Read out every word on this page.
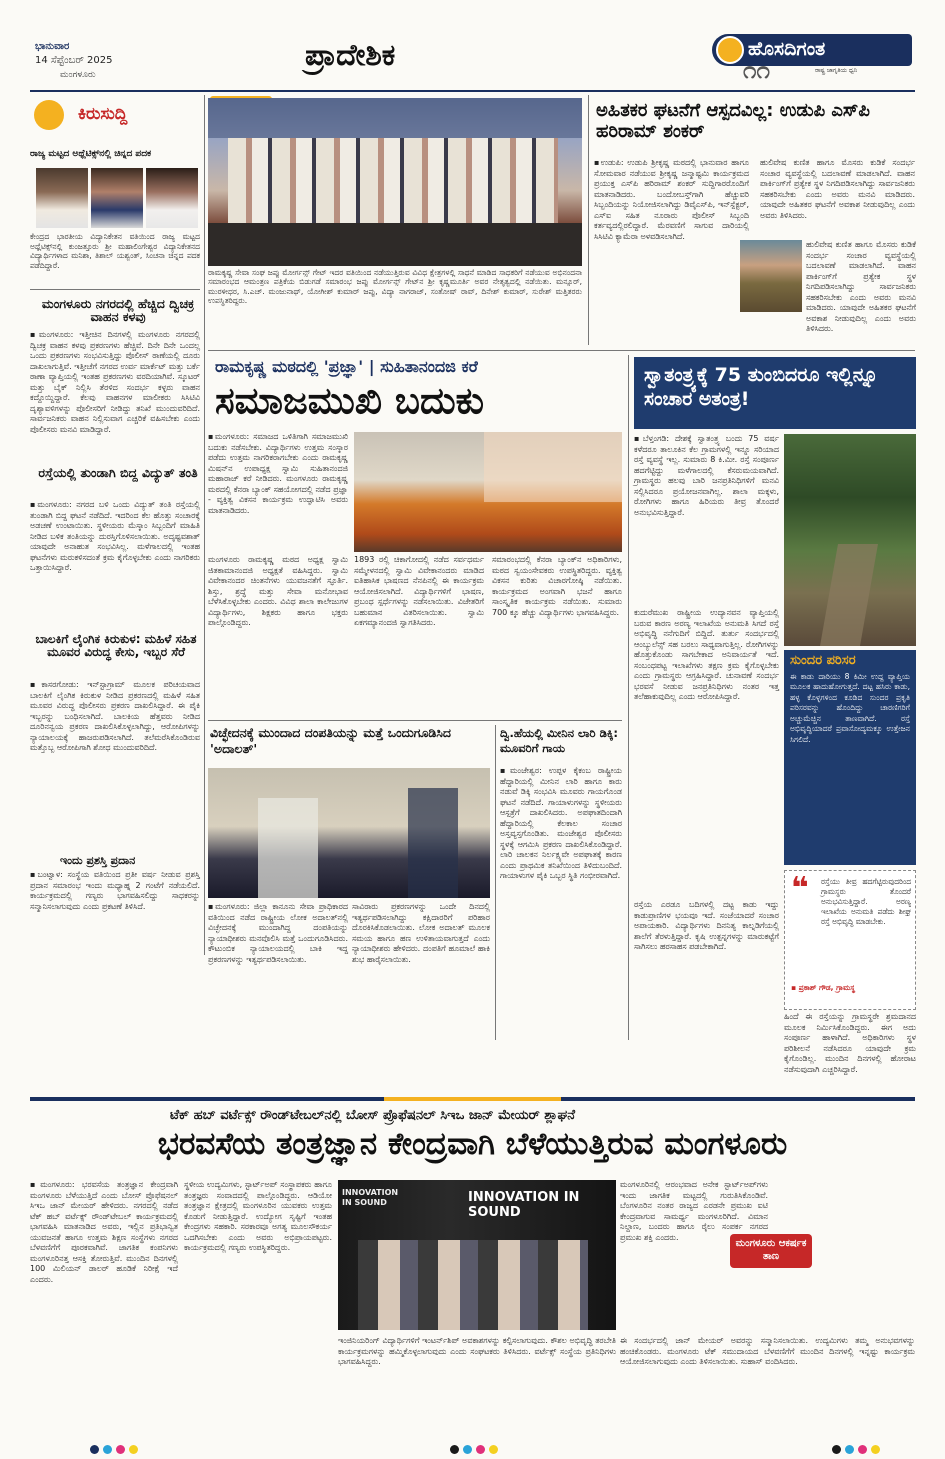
ಭಾನುವಾರ
14 ಸೆಪ್ಟೆಂಬರ್ 2025
ಮಂಗಳೂರು
ಪ್ರಾದೇಶಿಕ	ಹೊಸದಿಗಂತ
ರಾಷ್ಟ್ರ ಜಾಗೃತಿಯ ಧ್ವನಿ
೧೧
ಕಿರುಸುದ್ದಿ
ರಾಜ್ಯ ಮಟ್ಟದ ಅಥ್ಲೆಟಿಕ್ಸ್‌ನಲ್ಲಿ ಚಿನ್ನದ ಪದಕ
ಕೇಂದ್ರದ ಭಾರತೀಯ ವಿದ್ಯಾನಿಕೇತನ ವತಿಯಿಂದ ರಾಜ್ಯ ಮಟ್ಟದ ಅಥ್ಲೆಟಿಕ್ಸ್‌ನಲ್ಲಿ ಕುಂಜತ್ತೂರು ಶ್ರೀ ಮಹಾಲಿಂಗೇಶ್ವರ ವಿದ್ಯಾನಿಕೇತನದ ವಿದ್ಯಾರ್ಥಿಗಳಾದ ಮನಿಶಾ, ತಿಶಾಲ್ ಯಶ್ವಂತ್, ಸಿಂಚನಾ ಚಿನ್ನದ ಪದಕ ಪಡೆದಿದ್ದಾರೆ.
ಮಂಗಳೂರು ನಗರದಲ್ಲಿ ಹೆಚ್ಚಿದ ದ್ವಿಚಕ್ರ ವಾಹನ ಕಳವು
▪ಮಂಗಳೂರು: ಇತ್ತೀಚಿನ ದಿನಗಳಲ್ಲಿ ಮಂಗಳೂರು ನಗರದಲ್ಲಿ ದ್ವಿಚಕ್ರ ವಾಹನ ಕಳವು ಪ್ರಕರಣಗಳು ಹೆಚ್ಚಿವೆ. ದಿನೇ ದಿನೇ ಒಂದಲ್ಲ ಒಂದು ಪ್ರಕರಣಗಳು ಸಂಭವಿಸುತ್ತಿದ್ದು ಪೊಲೀಸ್ ಠಾಣೆಯಲ್ಲಿ ದೂರು ದಾಖಲಾಗುತ್ತಿವೆ. ಇತ್ತೀಚೆಗೆ ನಗರದ ಉರ್ವ ಮಾರ್ಕೆಟ್ ಮತ್ತು ಬರ್ಕೆ ಠಾಣಾ ವ್ಯಾಪ್ತಿಯಲ್ಲಿ ಇಂತಹ ಪ್ರಕರಣಗಳು ವರದಿಯಾಗಿವೆ. ಸ್ಕೂಟರ್ ಮತ್ತು ಬೈಕ್ ನಿಲ್ಲಿಸಿ ತೆರಳಿದ ಸಂದರ್ಭ ಕಳ್ಳರು ವಾಹನ ಕದ್ದೊಯ್ದಿದ್ದಾರೆ. ಕೆಲವು ವಾಹನಗಳ ಮಾಲೀಕರು ಸಿಸಿಟಿವಿ ದೃಶ್ಯಾವಳಿಗಳನ್ನು ಪೊಲೀಸರಿಗೆ ನೀಡಿದ್ದು ತನಿಖೆ ಮುಂದುವರಿದಿದೆ. ಸಾರ್ವಜನಿಕರು ವಾಹನ ನಿಲ್ಲಿಸುವಾಗ ಎಚ್ಚರಿಕೆ ವಹಿಸಬೇಕು ಎಂದು ಪೊಲೀಸರು ಮನವಿ ಮಾಡಿದ್ದಾರೆ.
ರಸ್ತೆಯಲ್ಲಿ ತುಂಡಾಗಿ ಬಿದ್ದ ವಿದ್ಯುತ್ ತಂತಿ
▪ಮಂಗಳೂರು: ನಗರದ ಬಳಿ ಒಂದು ವಿದ್ಯುತ್ ತಂತಿ ರಸ್ತೆಯಲ್ಲಿ ತುಂಡಾಗಿ ಬಿದ್ದ ಘಟನೆ ನಡೆದಿದೆ. ಇದರಿಂದ ಕೆಲ ಹೊತ್ತು ಸಂಚಾರಕ್ಕೆ ಅಡಚಣೆ ಉಂಟಾಯಿತು. ಸ್ಥಳೀಯರು ಮೆಸ್ಕಾಂ ಸಿಬ್ಬಂದಿಗೆ ಮಾಹಿತಿ ನೀಡಿದ ಬಳಿಕ ತಂತಿಯನ್ನು ದುರಸ್ತಿಗೊಳಿಸಲಾಯಿತು. ಅದೃಷ್ಟವಶಾತ್ ಯಾವುದೇ ಅನಾಹುತ ಸಂಭವಿಸಿಲ್ಲ. ಮಳೆಗಾಲದಲ್ಲಿ ಇಂತಹ ಘಟನೆಗಳು ಮರುಕಳಿಸದಂತೆ ಕ್ರಮ ಕೈಗೊಳ್ಳಬೇಕು ಎಂದು ನಾಗರಿಕರು ಒತ್ತಾಯಿಸಿದ್ದಾರೆ.
ಬಾಲಕಿಗೆ ಲೈಂಗಿಕ ಕಿರುಕುಳ: ಮಹಿಳೆ ಸಹಿತ ಮೂವರ ವಿರುದ್ಧ ಕೇಸು, ಇಬ್ಬರ ಸೆರೆ
▪ಕಾಸರಗೋಡು: ಇನ್‌ಸ್ಟಾಗ್ರಾಮ್ ಮೂಲಕ ಪರಿಚಯವಾದ ಬಾಲಕಿಗೆ ಲೈಂಗಿಕ ಕಿರುಕುಳ ನೀಡಿದ ಪ್ರಕರಣದಲ್ಲಿ ಮಹಿಳೆ ಸಹಿತ ಮೂವರ ವಿರುದ್ಧ ಪೊಲೀಸರು ಪ್ರಕರಣ ದಾಖಲಿಸಿದ್ದಾರೆ. ಈ ಪೈಕಿ ಇಬ್ಬರನ್ನು ಬಂಧಿಸಲಾಗಿದೆ. ಬಾಲಕಿಯ ಹೆತ್ತವರು ನೀಡಿದ ದೂರಿನನ್ವಯ ಪ್ರಕರಣ ದಾಖಲಿಸಿಕೊಳ್ಳಲಾಗಿದ್ದು, ಆರೋಪಿಗಳನ್ನು ನ್ಯಾಯಾಲಯಕ್ಕೆ ಹಾಜರುಪಡಿಸಲಾಗಿದೆ. ತಲೆಮರೆಸಿಕೊಂಡಿರುವ ಮತ್ತೊಬ್ಬ ಆರೋಪಿಗಾಗಿ ಶೋಧ ಮುಂದುವರಿದಿದೆ.
ಇಂದು ಪ್ರಶಸ್ತಿ ಪ್ರದಾನ
▪ಬಂಟ್ವಾಳ: ಸಂಸ್ಥೆಯ ವತಿಯಿಂದ ಪ್ರತೀ ವರ್ಷ ನೀಡುವ ಪ್ರಶಸ್ತಿ ಪ್ರದಾನ ಸಮಾರಂಭ ಇಂದು ಮಧ್ಯಾಹ್ನ 2 ಗಂಟೆಗೆ ನಡೆಯಲಿದೆ. ಕಾರ್ಯಕ್ರಮದಲ್ಲಿ ಗಣ್ಯರು ಭಾಗವಹಿಸಲಿದ್ದು ಸಾಧಕರನ್ನು ಸನ್ಮಾನಿಸಲಾಗುವುದು ಎಂದು ಪ್ರಕಟಣೆ ತಿಳಿಸಿದೆ.
ರಾಮಕೃಷ್ಣ ಸೇವಾ ಸಂಘ ಜಪ್ಪು ಮೋರ್ಗನ್ಸ್ ಗೇಟ್ ಇದರ ವತಿಯಿಂದ ನಡೆಯುತ್ತಿರುವ ವಿವಿಧ ಕ್ಷೇತ್ರಗಳಲ್ಲಿ ಸಾಧನೆ ಮಾಡಿದ ಸಾಧಕರಿಗೆ ನಡೆಯುವ ಅಭಿನಂದನಾ ಸಮಾರಂಭದ ಆಮಂತ್ರಣ ಪತ್ರಿಕೆಯ ಬಿಡುಗಡೆ ಸಮಾರಂಭ ಜಪ್ಪು ಮೋರ್ಗನ್ಸ್ ಗೇಟ್‌ನ ಶ್ರೀ ಕೃಷ್ಣಮೂರ್ತಿ ಅವರ ನೇತೃತ್ವದಲ್ಲಿ ನಡೆಯಿತು. ಮನ್ಸೂರ್, ಮುರಳೀಧರ, ಸಿ.ಎಚ್. ಮಂಜುನಾಥ್, ಯೋಗೀಶ್ ಕುಮಾರ್ ಜಪ್ಪು, ವಿದ್ಯಾ ನಾಗರಾಜ್, ಸಂತೋಷ್ ರಾವ್, ದಿನೇಶ್ ಕುಮಾರ್, ಸುರೇಶ್ ಮತ್ತಿತರರು ಉಪಸ್ಥಿತರಿದ್ದರು.
ಅಹಿತಕರ ಘಟನೆಗೆ ಆಸ್ಪದವಿಲ್ಲ: ಉಡುಪಿ ಎಸ್‌ಪಿ ಹರಿರಾಮ್ ಶಂಕರ್
▪ಉಡುಪಿ: ಉಡುಪಿ ಶ್ರೀಕೃಷ್ಣ ಮಠದಲ್ಲಿ ಭಾನುವಾರ ಹಾಗೂ ಸೋಮವಾರ ನಡೆಯುವ ಶ್ರೀಕೃಷ್ಣ ಜನ್ಮಾಷ್ಟಮಿ ಕಾರ್ಯಕ್ರಮದ ಪ್ರಯುಕ್ತ ಎಸ್‌ಪಿ ಹರಿರಾಮ್ ಶಂಕರ್ ಸುದ್ದಿಗಾರರೊಂದಿಗೆ ಮಾತನಾಡಿದರು. ಬಂದೋಬಸ್ತ್‌ಗಾಗಿ ಹೆಚ್ಚುವರಿ ಸಿಬ್ಬಂದಿಯನ್ನು ನಿಯೋಜಿಸಲಾಗಿದ್ದು ಡಿವೈಎಸ್‌ಪಿ, ಇನ್‌ಸ್ಪೆಕ್ಟರ್, ಎಸ್‌ಐ ಸಹಿತ ನೂರಾರು ಪೊಲೀಸ್ ಸಿಬ್ಬಂದಿ ಕರ್ತವ್ಯದಲ್ಲಿರಲಿದ್ದಾರೆ. ಮೆರವಣಿಗೆ ಸಾಗುವ ದಾರಿಯಲ್ಲಿ ಸಿಸಿಟಿವಿ ಕ್ಯಾಮೆರಾ ಅಳವಡಿಸಲಾಗಿದೆ.
ಹುಲಿವೇಷ ಕುಣಿತ ಹಾಗೂ ಮೊಸರು ಕುಡಿಕೆ ಸಂದರ್ಭ ಸಂಚಾರ ವ್ಯವಸ್ಥೆಯಲ್ಲಿ ಬದಲಾವಣೆ ಮಾಡಲಾಗಿದೆ. ವಾಹನ ಪಾರ್ಕಿಂಗ್‌ಗೆ ಪ್ರತ್ಯೇಕ ಸ್ಥಳ ನಿಗದಿಪಡಿಸಲಾಗಿದ್ದು ಸಾರ್ವಜನಿಕರು ಸಹಕರಿಸಬೇಕು ಎಂದು ಅವರು ಮನವಿ ಮಾಡಿದರು. ಯಾವುದೇ ಅಹಿತಕರ ಘಟನೆಗೆ ಅವಕಾಶ ನೀಡುವುದಿಲ್ಲ ಎಂದು ಅವರು ತಿಳಿಸಿದರು.
ಹುಲಿವೇಷ ಕುಣಿತ ಹಾಗೂ ಮೊಸರು ಕುಡಿಕೆ ಸಂದರ್ಭ ಸಂಚಾರ ವ್ಯವಸ್ಥೆಯಲ್ಲಿ ಬದಲಾವಣೆ ಮಾಡಲಾಗಿದೆ. ವಾಹನ ಪಾರ್ಕಿಂಗ್‌ಗೆ ಪ್ರತ್ಯೇಕ ಸ್ಥಳ ನಿಗದಿಪಡಿಸಲಾಗಿದ್ದು ಸಾರ್ವಜನಿಕರು ಸಹಕರಿಸಬೇಕು ಎಂದು ಅವರು ಮನವಿ ಮಾಡಿದರು. ಯಾವುದೇ ಅಹಿತಕರ ಘಟನೆಗೆ ಅವಕಾಶ ನೀಡುವುದಿಲ್ಲ ಎಂದು ಅವರು ತಿಳಿಸಿದರು.
ರಾಮಕೃಷ್ಣ ಮಠದಲ್ಲಿ 'ಪ್ರಜ್ಞಾ' | ಸುಹಿತಾನಂದಜಿ ಕರೆ
ಸಮಾಜಮುಖಿ ಬದುಕು
▪ಮಂಗಳೂರು: ಸಮಾಜದ ಒಳಿತಿಗಾಗಿ ಸಮಾಜಮುಖಿ ಬದುಕು ನಡೆಸಬೇಕು. ವಿದ್ಯಾರ್ಥಿಗಳು ಉತ್ತಮ ಸಂಸ್ಕಾರ ಪಡೆದು ಉತ್ತಮ ನಾಗರಿಕರಾಗಬೇಕು ಎಂದು ರಾಮಕೃಷ್ಣ ಮಿಷನ್‌ನ ಉಪಾಧ್ಯಕ್ಷ ಸ್ವಾಮಿ ಸುಹಿತಾನಂದಜಿ ಮಹಾರಾಜ್ ಕರೆ ನೀಡಿದರು. ಮಂಗಳೂರು ರಾಮಕೃಷ್ಣ ಮಠದಲ್ಲಿ ಕೆನರಾ ಬ್ಯಾಂಕ್ ಸಹಯೋಗದಲ್ಲಿ ನಡೆದ ಪ್ರಜ್ಞಾ - ವ್ಯಕ್ತಿತ್ವ ವಿಕಸನ ಕಾರ್ಯಕ್ರಮ ಉದ್ಘಾಟಿಸಿ ಅವರು ಮಾತನಾಡಿದರು.
ಮಂಗಳೂರು ರಾಮಕೃಷ್ಣ ಮಠದ ಅಧ್ಯಕ್ಷ ಸ್ವಾಮಿ ಜಿತಕಾಮಾನಂದಜಿ ಅಧ್ಯಕ್ಷತೆ ವಹಿಸಿದ್ದರು. ಸ್ವಾಮಿ ವಿವೇಕಾನಂದರ ಚಿಂತನೆಗಳು ಯುವಜನತೆಗೆ ಸ್ಫೂರ್ತಿ. ಶಿಸ್ತು, ಶ್ರದ್ಧೆ ಮತ್ತು ಸೇವಾ ಮನೋಭಾವ ಬೆಳೆಸಿಕೊಳ್ಳಬೇಕು ಎಂದರು. ವಿವಿಧ ಶಾಲಾ ಕಾಲೇಜುಗಳ ವಿದ್ಯಾರ್ಥಿಗಳು, ಶಿಕ್ಷಕರು ಹಾಗೂ ಭಕ್ತರು ಪಾಲ್ಗೊಂಡಿದ್ದರು.
1893 ರಲ್ಲಿ ಚಿಕಾಗೋದಲ್ಲಿ ನಡೆದ ಸರ್ವಧರ್ಮ ಸಮ್ಮೇಳನದಲ್ಲಿ ಸ್ವಾಮಿ ವಿವೇಕಾನಂದರು ಮಾಡಿದ ಐತಿಹಾಸಿಕ ಭಾಷಣದ ನೆನಪಿನಲ್ಲಿ ಈ ಕಾರ್ಯಕ್ರಮ ಆಯೋಜಿಸಲಾಗಿದೆ. ವಿದ್ಯಾರ್ಥಿಗಳಿಗೆ ಭಾಷಣ, ಪ್ರಬಂಧ ಸ್ಪರ್ಧೆಗಳನ್ನು ನಡೆಸಲಾಯಿತು. ವಿಜೇತರಿಗೆ ಬಹುಮಾನ ವಿತರಿಸಲಾಯಿತು. ಸ್ವಾಮಿ ಏಕಗಮ್ಯಾನಂದಜಿ ಸ್ವಾಗತಿಸಿದರು.
ಸಮಾರಂಭದಲ್ಲಿ ಕೆನರಾ ಬ್ಯಾಂಕ್‌ನ ಅಧಿಕಾರಿಗಳು, ಮಠದ ಸ್ವಯಂಸೇವಕರು ಉಪಸ್ಥಿತರಿದ್ದರು. ವ್ಯಕ್ತಿತ್ವ ವಿಕಸನ ಕುರಿತು ವಿಚಾರಗೋಷ್ಠಿ ನಡೆಯಿತು. ಕಾರ್ಯಕ್ರಮದ ಅಂಗವಾಗಿ ಭಜನೆ ಹಾಗೂ ಸಾಂಸ್ಕೃತಿಕ ಕಾರ್ಯಕ್ರಮ ನಡೆಯಿತು. ಸುಮಾರು 700 ಕ್ಕೂ ಹೆಚ್ಚು ವಿದ್ಯಾರ್ಥಿಗಳು ಭಾಗವಹಿಸಿದ್ದರು.
ವಿಚ್ಛೇದನಕ್ಕೆ ಮುಂದಾದ ದಂಪತಿಯನ್ನು ಮತ್ತೆ ಒಂದುಗೂಡಿಸಿದ 'ಅದಾಲತ್'
▪ಮಂಗಳೂರು: ಜಿಲ್ಲಾ ಕಾನೂನು ಸೇವಾ ಪ್ರಾಧಿಕಾರದ ವತಿಯಿಂದ ನಡೆದ ರಾಷ್ಟ್ರೀಯ ಲೋಕ ಅದಾಲತ್‌ನಲ್ಲಿ ವಿಚ್ಛೇದನಕ್ಕೆ ಮುಂದಾಗಿದ್ದ ದಂಪತಿಯನ್ನು ನ್ಯಾಯಾಧೀಶರು ಮನವೊಲಿಸಿ ಮತ್ತೆ ಒಂದುಗೂಡಿಸಿದರು. ಕೌಟುಂಬಿಕ ನ್ಯಾಯಾಲಯದಲ್ಲಿ ಬಾಕಿ ಇದ್ದ ಪ್ರಕರಣಗಳನ್ನು ಇತ್ಯರ್ಥಪಡಿಸಲಾಯಿತು.
ಸಾವಿರಾರು ಪ್ರಕರಣಗಳನ್ನು ಒಂದೇ ದಿನದಲ್ಲಿ ಇತ್ಯರ್ಥಪಡಿಸಲಾಗಿದ್ದು ಕಕ್ಷಿದಾರರಿಗೆ ಪರಿಹಾರ ದೊರಕಿಸಿಕೊಡಲಾಯಿತು. ಲೋಕ ಅದಾಲತ್ ಮೂಲಕ ಸಮಯ ಹಾಗೂ ಹಣ ಉಳಿತಾಯವಾಗುತ್ತದೆ ಎಂದು ನ್ಯಾಯಾಧೀಶರು ಹೇಳಿದರು. ದಂಪತಿಗೆ ಹೂಮಾಲೆ ಹಾಕಿ ಶುಭ ಹಾರೈಸಲಾಯಿತು.
ದ್ವಿ.ಹೆಯಲ್ಲಿ ಮೀನಿನ ಲಾರಿ ಡಿಕ್ಕಿ: ಮೂವರಿಗೆ ಗಾಯ
▪ಮಂಜೇಶ್ವರ: ಉಪ್ಪಳ ಕೈಕಂಬ ರಾಷ್ಟ್ರೀಯ ಹೆದ್ದಾರಿಯಲ್ಲಿ ಮೀನಿನ ಲಾರಿ ಹಾಗೂ ಕಾರು ನಡುವೆ ಡಿಕ್ಕಿ ಸಂಭವಿಸಿ ಮೂವರು ಗಾಯಗೊಂಡ ಘಟನೆ ನಡೆದಿದೆ. ಗಾಯಾಳುಗಳನ್ನು ಸ್ಥಳೀಯರು ಆಸ್ಪತ್ರೆಗೆ ದಾಖಲಿಸಿದರು. ಅಪಘಾತದಿಂದಾಗಿ ಹೆದ್ದಾರಿಯಲ್ಲಿ ಕೆಲಕಾಲ ಸಂಚಾರ ಅಸ್ತವ್ಯಸ್ತಗೊಂಡಿತು. ಮಂಜೇಶ್ವರ ಪೊಲೀಸರು ಸ್ಥಳಕ್ಕೆ ಆಗಮಿಸಿ ಪ್ರಕರಣ ದಾಖಲಿಸಿಕೊಂಡಿದ್ದಾರೆ. ಲಾರಿ ಚಾಲಕನ ನಿರ್ಲಕ್ಷ್ಯವೇ ಅಪಘಾತಕ್ಕೆ ಕಾರಣ ಎಂದು ಪ್ರಾಥಮಿಕ ತನಿಖೆಯಿಂದ ತಿಳಿದುಬಂದಿದೆ. ಗಾಯಾಳುಗಳ ಪೈಕಿ ಒಬ್ಬರ ಸ್ಥಿತಿ ಗಂಭೀರವಾಗಿದೆ.
ಸ್ವಾತಂತ್ರ್ಯಕ್ಕೆ 75 ತುಂಬಿದರೂ ಇಲ್ಲಿನ್ನೂ ಸಂಚಾರ ಅತಂತ್ರ!
▪ಬೆಳ್ತಂಗಡಿ: ದೇಶಕ್ಕೆ ಸ್ವಾತಂತ್ರ್ಯ ಬಂದು 75 ವರ್ಷ ಕಳೆದರೂ ತಾಲೂಕಿನ ಕೆಲ ಗ್ರಾಮಗಳಲ್ಲಿ ಇನ್ನೂ ಸರಿಯಾದ ರಸ್ತೆ ವ್ಯವಸ್ಥೆ ಇಲ್ಲ. ಸುಮಾರು 8 ಕಿ.ಮೀ. ರಸ್ತೆ ಸಂಪೂರ್ಣ ಹದಗೆಟ್ಟಿದ್ದು ಮಳೆಗಾಲದಲ್ಲಿ ಕೆಸರುಮಯವಾಗಿದೆ. ಗ್ರಾಮಸ್ಥರು ಹಲವು ಬಾರಿ ಜನಪ್ರತಿನಿಧಿಗಳಿಗೆ ಮನವಿ ಸಲ್ಲಿಸಿದರೂ ಪ್ರಯೋಜನವಾಗಿಲ್ಲ. ಶಾಲಾ ಮಕ್ಕಳು, ರೋಗಿಗಳು ಹಾಗೂ ಹಿರಿಯರು ತೀವ್ರ ತೊಂದರೆ ಅನುಭವಿಸುತ್ತಿದ್ದಾರೆ.
ಕುದುರೆಮುಖ ರಾಷ್ಟ್ರೀಯ ಉದ್ಯಾನವನ ವ್ಯಾಪ್ತಿಯಲ್ಲಿ ಬರುವ ಕಾರಣ ಅರಣ್ಯ ಇಲಾಖೆಯ ಅನುಮತಿ ಸಿಗದೆ ರಸ್ತೆ ಅಭಿವೃದ್ಧಿ ನನೆಗುದಿಗೆ ಬಿದ್ದಿದೆ. ತುರ್ತು ಸಂದರ್ಭದಲ್ಲಿ ಆಂಬ್ಯುಲೆನ್ಸ್ ಸಹ ಬರಲು ಸಾಧ್ಯವಾಗುತ್ತಿಲ್ಲ. ರೋಗಿಗಳನ್ನು ಹೊತ್ತುಕೊಂಡು ಸಾಗಬೇಕಾದ ಅನಿವಾರ್ಯತೆ ಇದೆ. ಸಂಬಂಧಪಟ್ಟ ಇಲಾಖೆಗಳು ತಕ್ಷಣ ಕ್ರಮ ಕೈಗೊಳ್ಳಬೇಕು ಎಂದು ಗ್ರಾಮಸ್ಥರು ಆಗ್ರಹಿಸಿದ್ದಾರೆ. ಚುನಾವಣೆ ಸಂದರ್ಭ ಭರವಸೆ ನೀಡುವ ಜನಪ್ರತಿನಿಧಿಗಳು ನಂತರ ಇತ್ತ ತಲೆಹಾಕುವುದಿಲ್ಲ ಎಂದು ಆರೋಪಿಸಿದ್ದಾರೆ.
ಸುಂದರ ಪರಿಸರ
ಈ ಕಾಡು ದಾರಿಯು 8 ಕಿಮೀ ಉದ್ದ ವ್ಯಾಪ್ತಿಯ ಮೂಲಕ ಹಾದುಹೋಗುತ್ತದೆ. ದಟ್ಟ ಹಸಿರು ಕಾಡು, ಹಳ್ಳ ಕೊಳ್ಳಗಳಿಂದ ಕೂಡಿದ ಸುಂದರ ಪ್ರಕೃತಿ ಪರಿಸರವನ್ನು ಹೊಂದಿದ್ದು ಚಾರಣಿಗರಿಗೆ ಅಚ್ಚುಮೆಚ್ಚಿನ ತಾಣವಾಗಿದೆ. ರಸ್ತೆ ಅಭಿವೃದ್ಧಿಯಾದರೆ ಪ್ರವಾಸೋದ್ಯಮಕ್ಕೂ ಉತ್ತೇಜನ ಸಿಗಲಿದೆ.
ರಸ್ತೆಯ ಎರಡೂ ಬದಿಗಳಲ್ಲಿ ದಟ್ಟ ಕಾಡು ಇದ್ದು ಕಾಡುಪ್ರಾಣಿಗಳ ಭಯವೂ ಇದೆ. ಸಂಜೆಯಾದರೆ ಸಂಚಾರ ಅಪಾಯಕಾರಿ. ವಿದ್ಯಾರ್ಥಿಗಳು ದಿನನಿತ್ಯ ಕಾಲ್ನಡಿಗೆಯಲ್ಲಿ ಶಾಲೆಗೆ ತೆರಳುತ್ತಿದ್ದಾರೆ. ಕೃಷಿ ಉತ್ಪನ್ನಗಳನ್ನು ಮಾರುಕಟ್ಟೆಗೆ ಸಾಗಿಸಲು ಹರಸಾಹಸ ಪಡಬೇಕಾಗಿದೆ.
❝	ರಸ್ತೆಯು ತೀವ್ರ ಹದಗೆಟ್ಟಿರುವುದರಿಂದ ಗ್ರಾಮಸ್ಥರು ತೊಂದರೆ ಅನುಭವಿಸುತ್ತಿದ್ದಾರೆ. ಅರಣ್ಯ ಇಲಾಖೆಯ ಅನುಮತಿ ಪಡೆದು ಶೀಘ್ರ ರಸ್ತೆ ಅಭಿವೃದ್ಧಿ ಮಾಡಬೇಕು.
▪ ಪ್ರಕಾಶ್ ಗೌಡ, ಗ್ರಾಮಸ್ಥ
ಹಿಂದೆ ಈ ರಸ್ತೆಯನ್ನು ಗ್ರಾಮಸ್ಥರೇ ಶ್ರಮದಾನದ ಮೂಲಕ ನಿರ್ಮಿಸಿಕೊಂಡಿದ್ದರು. ಈಗ ಅದು ಸಂಪೂರ್ಣ ಹಾಳಾಗಿದೆ. ಅಧಿಕಾರಿಗಳು ಸ್ಥಳ ಪರಿಶೀಲನೆ ನಡೆಸಿದರೂ ಯಾವುದೇ ಕ್ರಮ ಕೈಗೊಂಡಿಲ್ಲ. ಮುಂದಿನ ದಿನಗಳಲ್ಲಿ ಹೋರಾಟ ನಡೆಸುವುದಾಗಿ ಎಚ್ಚರಿಸಿದ್ದಾರೆ.
ಟೆಕ್ ಹಬ್ ವರ್ಟೆಕ್ಸ್ ರೌಂಡ್‌ಟೇಬಲ್‌ನಲ್ಲಿ ಬೋಸ್ ಪ್ರೊಫೆಷನಲ್ ಸಿಇಒ ಜಾನ್ ಮೇಯರ್ ಶ್ಲಾಘನೆ
ಭರವಸೆಯ ತಂತ್ರಜ್ಞಾನ ಕೇಂದ್ರವಾಗಿ ಬೆಳೆಯುತ್ತಿರುವ ಮಂಗಳೂರು
▪ಮಂಗಳೂರು: ಭರವಸೆಯ ತಂತ್ರಜ್ಞಾನ ಕೇಂದ್ರವಾಗಿ ಮಂಗಳೂರು ಬೆಳೆಯುತ್ತಿದೆ ಎಂದು ಬೋಸ್ ಪ್ರೊಫೆಷನಲ್ ಸಿಇಒ ಜಾನ್ ಮೇಯರ್ ಹೇಳಿದರು. ನಗರದಲ್ಲಿ ನಡೆದ ಟೆಕ್ ಹಬ್ ವರ್ಟೆಕ್ಸ್ ರೌಂಡ್‌ಟೇಬಲ್ ಕಾರ್ಯಕ್ರಮದಲ್ಲಿ ಭಾಗವಹಿಸಿ ಮಾತನಾಡಿದ ಅವರು, ಇಲ್ಲಿನ ಪ್ರತಿಭಾನ್ವಿತ ಯುವಜನತೆ ಹಾಗೂ ಉತ್ತಮ ಶಿಕ್ಷಣ ಸಂಸ್ಥೆಗಳು ನಗರದ ಬೆಳವಣಿಗೆಗೆ ಪೂರಕವಾಗಿವೆ. ಜಾಗತಿಕ ಕಂಪನಿಗಳು ಮಂಗಳೂರಿನತ್ತ ಆಸಕ್ತಿ ತೋರುತ್ತಿವೆ. ಮುಂದಿನ ದಿನಗಳಲ್ಲಿ 100 ಮಿಲಿಯನ್ ಡಾಲರ್ ಹೂಡಿಕೆ ನಿರೀಕ್ಷೆ ಇದೆ ಎಂದರು.
ಸ್ಥಳೀಯ ಉದ್ಯಮಿಗಳು, ಸ್ಟಾರ್ಟ್‌ಅಪ್ ಸಂಸ್ಥಾಪಕರು ಹಾಗೂ ತಂತ್ರಜ್ಞರು ಸಂವಾದದಲ್ಲಿ ಪಾಲ್ಗೊಂಡಿದ್ದರು. ಆಡಿಯೋ ತಂತ್ರಜ್ಞಾನ ಕ್ಷೇತ್ರದಲ್ಲಿ ಮಂಗಳೂರಿನ ಯುವಕರು ಉತ್ತಮ ಕೊಡುಗೆ ನೀಡುತ್ತಿದ್ದಾರೆ. ಉದ್ಯೋಗ ಸೃಷ್ಟಿಗೆ ಇಂತಹ ಕೇಂದ್ರಗಳು ಸಹಕಾರಿ. ಸರಕಾರವೂ ಅಗತ್ಯ ಮೂಲಸೌಕರ್ಯ ಒದಗಿಸಬೇಕು ಎಂದು ಅವರು ಅಭಿಪ್ರಾಯಪಟ್ಟರು. ಕಾರ್ಯಕ್ರಮದಲ್ಲಿ ಗಣ್ಯರು ಉಪಸ್ಥಿತರಿದ್ದರು.
INNOVATION IN SOUND	INNOVATION IN SOUND
ಮಂಗಳೂರಿನಲ್ಲಿ ಆರಂಭವಾದ ಅನೇಕ ಸ್ಟಾರ್ಟ್‌ಅಪ್‌ಗಳು ಇಂದು ಜಾಗತಿಕ ಮಟ್ಟದಲ್ಲಿ ಗುರುತಿಸಿಕೊಂಡಿವೆ. ಬೆಂಗಳೂರಿನ ನಂತರ ರಾಜ್ಯದ ಎರಡನೇ ಪ್ರಮುಖ ಐಟಿ ಕೇಂದ್ರವಾಗುವ ಸಾಮರ್ಥ್ಯ ಮಂಗಳೂರಿಗಿದೆ. ವಿಮಾನ ನಿಲ್ದಾಣ, ಬಂದರು ಹಾಗೂ ರೈಲು ಸಂಪರ್ಕ ನಗರದ ಪ್ರಮುಖ ಶಕ್ತಿ ಎಂದರು.
ಮಂಗಳೂರು ಆಕರ್ಷಕ ತಾಣ
ಇಂಜಿನಿಯರಿಂಗ್ ವಿದ್ಯಾರ್ಥಿಗಳಿಗೆ ಇಂಟರ್ನ್‌ಶಿಪ್ ಅವಕಾಶಗಳನ್ನು ಕಲ್ಪಿಸಲಾಗುವುದು. ಕೌಶಲ ಅಭಿವೃದ್ಧಿ ತರಬೇತಿ ಕಾರ್ಯಕ್ರಮಗಳನ್ನು ಹಮ್ಮಿಕೊಳ್ಳಲಾಗುವುದು ಎಂದು ಸಂಘಟಕರು ತಿಳಿಸಿದರು. ವರ್ಟೆಕ್ಸ್ ಸಂಸ್ಥೆಯ ಪ್ರತಿನಿಧಿಗಳು ಭಾಗವಹಿಸಿದ್ದರು.
ಈ ಸಂದರ್ಭದಲ್ಲಿ ಜಾನ್ ಮೇಯರ್ ಅವರನ್ನು ಸನ್ಮಾನಿಸಲಾಯಿತು. ಉದ್ಯಮಿಗಳು ತಮ್ಮ ಅನುಭವಗಳನ್ನು ಹಂಚಿಕೊಂಡರು. ಮಂಗಳೂರು ಟೆಕ್ ಸಮುದಾಯದ ಬೆಳವಣಿಗೆಗೆ ಮುಂದಿನ ದಿನಗಳಲ್ಲಿ ಇನ್ನಷ್ಟು ಕಾರ್ಯಕ್ರಮ ಆಯೋಜಿಸಲಾಗುವುದು ಎಂದು ತಿಳಿಸಲಾಯಿತು. ಸುಹಾಸ್ ವಂದಿಸಿದರು.
